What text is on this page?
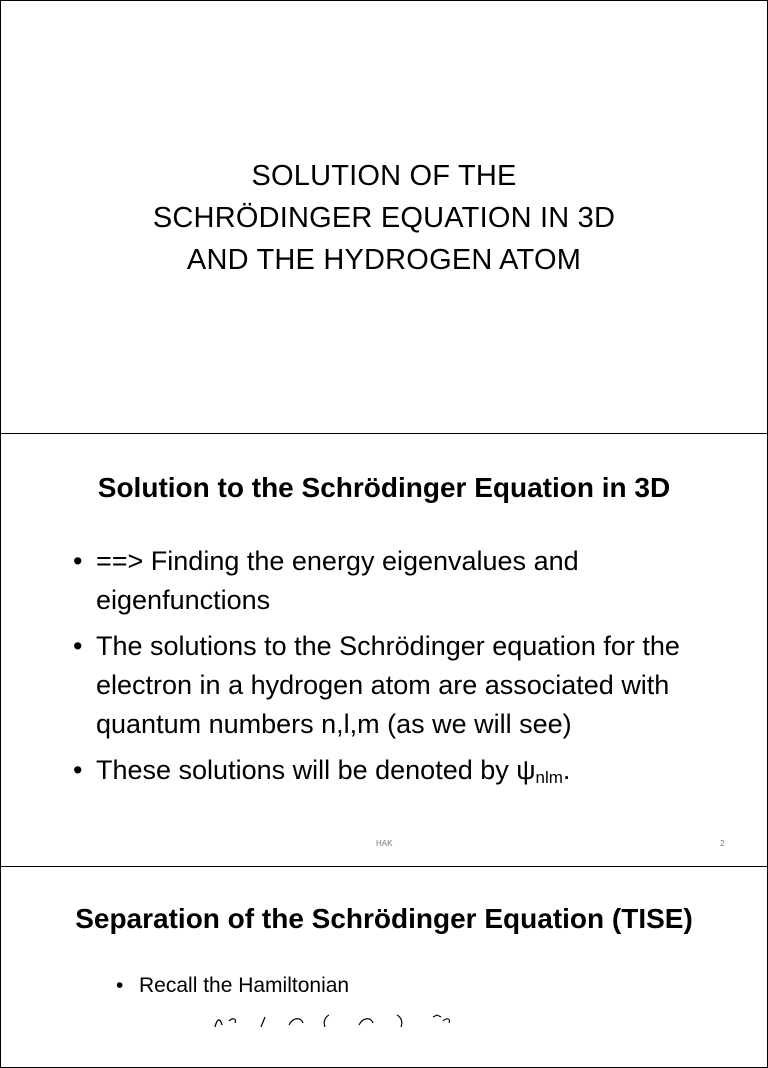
SOLUTION OF THE
SCHRÖDINGER EQUATION IN 3D
AND THE HYDROGEN ATOM
Solution to the Schrödinger Equation in 3D
• ==> Finding the energy eigenvalues and eigenfunctions
• The solutions to the Schrödinger equation for the electron in a hydrogen atom are associated with quantum numbers n,l,m (as we will see)
• These solutions will be denoted by $\psi_{nlm}$.
HAK	2
Separation of the Schrödinger Equation (TISE)
• Recall the Hamiltonian
